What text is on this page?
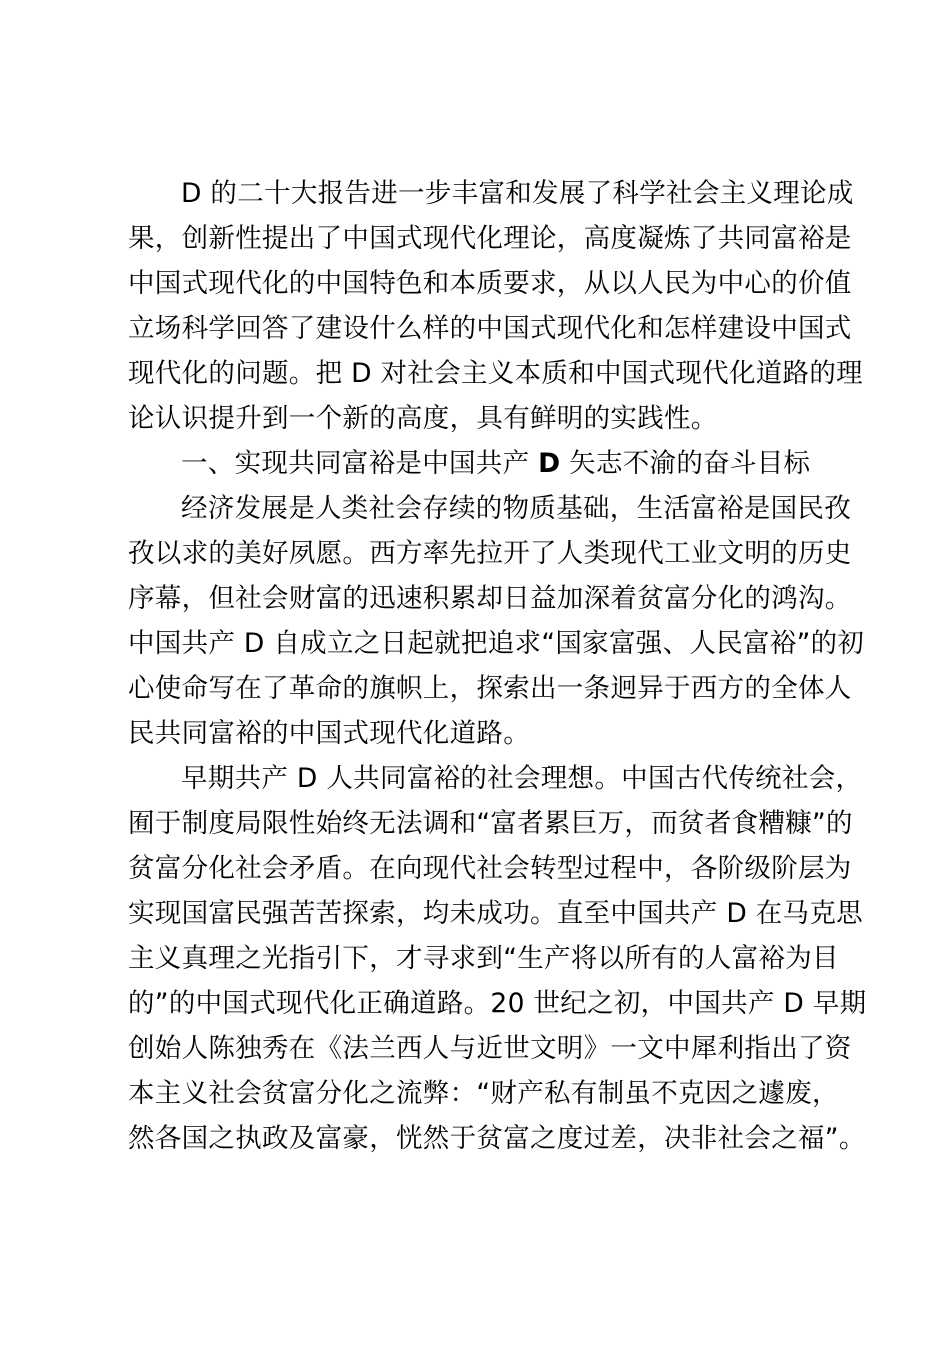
D 的二十大报告进一步丰富和发展了科学社会主义理论成
果，创新性提出了中国式现代化理论，高度凝炼了共同富裕是
中国式现代化的中国特色和本质要求，从以人民为中心的价值
立场科学回答了建设什么样的中国式现代化和怎样建设中国式
现代化的问题。把 D 对社会主义本质和中国式现代化道路的理
论认识提升到一个新的高度，具有鲜明的实践性。
一、实现共同富裕是中国共产 D 矢志不渝的奋斗目标
经济发展是人类社会存续的物质基础，生活富裕是国民孜
孜以求的美好夙愿。西方率先拉开了人类现代工业文明的历史
序幕，但社会财富的迅速积累却日益加深着贫富分化的鸿沟。
中国共产 D 自成立之日起就把追求“国家富强、人民富裕”的初
心使命写在了革命的旗帜上，探索出一条迥异于西方的全体人
民共同富裕的中国式现代化道路。
早期共产 D 人共同富裕的社会理想。中国古代传统社会，
囿于制度局限性始终无法调和“富者累巨万，而贫者食糟糠”的
贫富分化社会矛盾。在向现代社会转型过程中，各阶级阶层为
实现国富民强苦苦探索，均未成功。直至中国共产 D 在马克思
主义真理之光指引下，才寻求到“生产将以所有的人富裕为目
的”的中国式现代化正确道路。20 世纪之初，中国共产 D 早期
创始人陈独秀在《法兰西人与近世文明》一文中犀利指出了资
本主义社会贫富分化之流弊：“财产私有制虽不克因之遽废，
然各国之执政及富豪，恍然于贫富之度过差，决非社会之福”。
